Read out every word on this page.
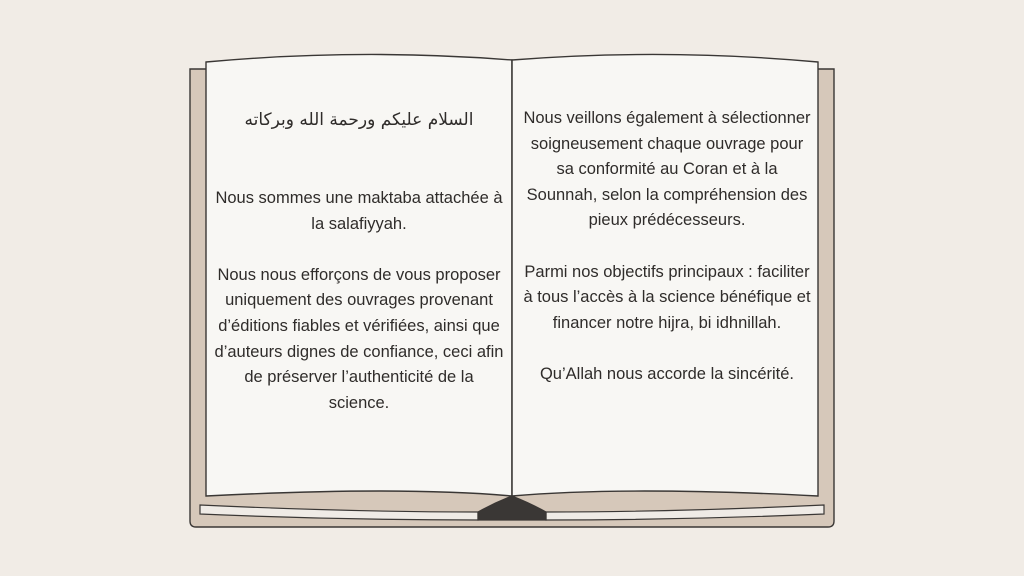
السلام عليكم ورحمة الله وبركاته

Nous sommes une maktaba attachée à la salafiyyah.

Nous nous efforçons de vous proposer uniquement des ouvrages provenant d’éditions fiables et vérifiées, ainsi que d’auteurs dignes de confiance, ceci afin de préserver l’authenticité de la science.

Nous veillons également à sélectionner soigneusement chaque ouvrage pour sa conformité au Coran et à la Sounnah, selon la compréhension des pieux prédécesseurs.

Parmi nos objectifs principaux : faciliter à tous l’accès à la science bénéfique et financer notre hijra, bi idhnillah.

Qu’Allah nous accorde la sincérité.
